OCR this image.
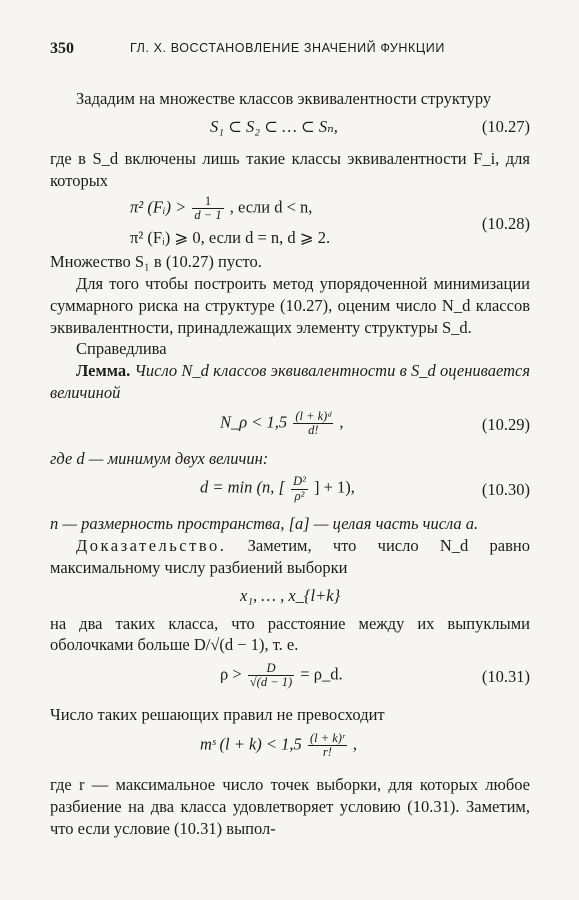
350	ГЛ. X. ВОССТАНОВЛЕНИЕ ЗНАЧЕНИЙ ФУНКЦИИ

Зададим на множестве классов эквивалентности структуру

S₁ ⊂ S₂ ⊂ … ⊂ Sₙ,	(10.27)

где в S_d включены лишь такие классы эквивалентности F_i, для которых

π² (Fᵢ) > $\frac{1}{d - 1}$ , если d < n,
π² (Fᵢ) ⩾ 0, если d = n, d ⩾ 2.
(10.28)

Множество S₁ в (10.27) пусто.

Для того чтобы построить метод упорядоченной минимизации суммарного риска на структуре (10.27), оценим число N_d классов эквивалентности, принадлежащих элементу структуры S_d.

Справедлива

Лемма. Число N_d классов эквивалентности в S_d оценивается величиной

N_ρ < $1,5 \frac{\text{(l + k)ᵈ}}{d!}$ ,	(10.29)

где d — минимум двух величин:

d = min (n, [ $\frac{\text{D²}}{\text{ρ²}}$ ] + 1),	(10.30)

n — размерность пространства, [a] — целая часть числа a.

Доказательство. Заметим, что число N_d равно максимальному числу разбиений выборки

x₁, … , x_{l+k}

на два таких класса, что расстояние между их выпуклыми оболочками больше D/√(d − 1), т. е.

$\rho > \frac{D}{√(d - 1)}$ = ρ_d.	(10.31)

Число таких решающих правил не превосходит

mˢ $(l + k) < 1,5 \frac{\text{(l + k)ʳ}}{r!}$ ,

где r — максимальное число точек выборки, для которых любое разбиение на два класса удовлетворяет условию (10.31). Заметим, что если условие (10.31) выпол-
